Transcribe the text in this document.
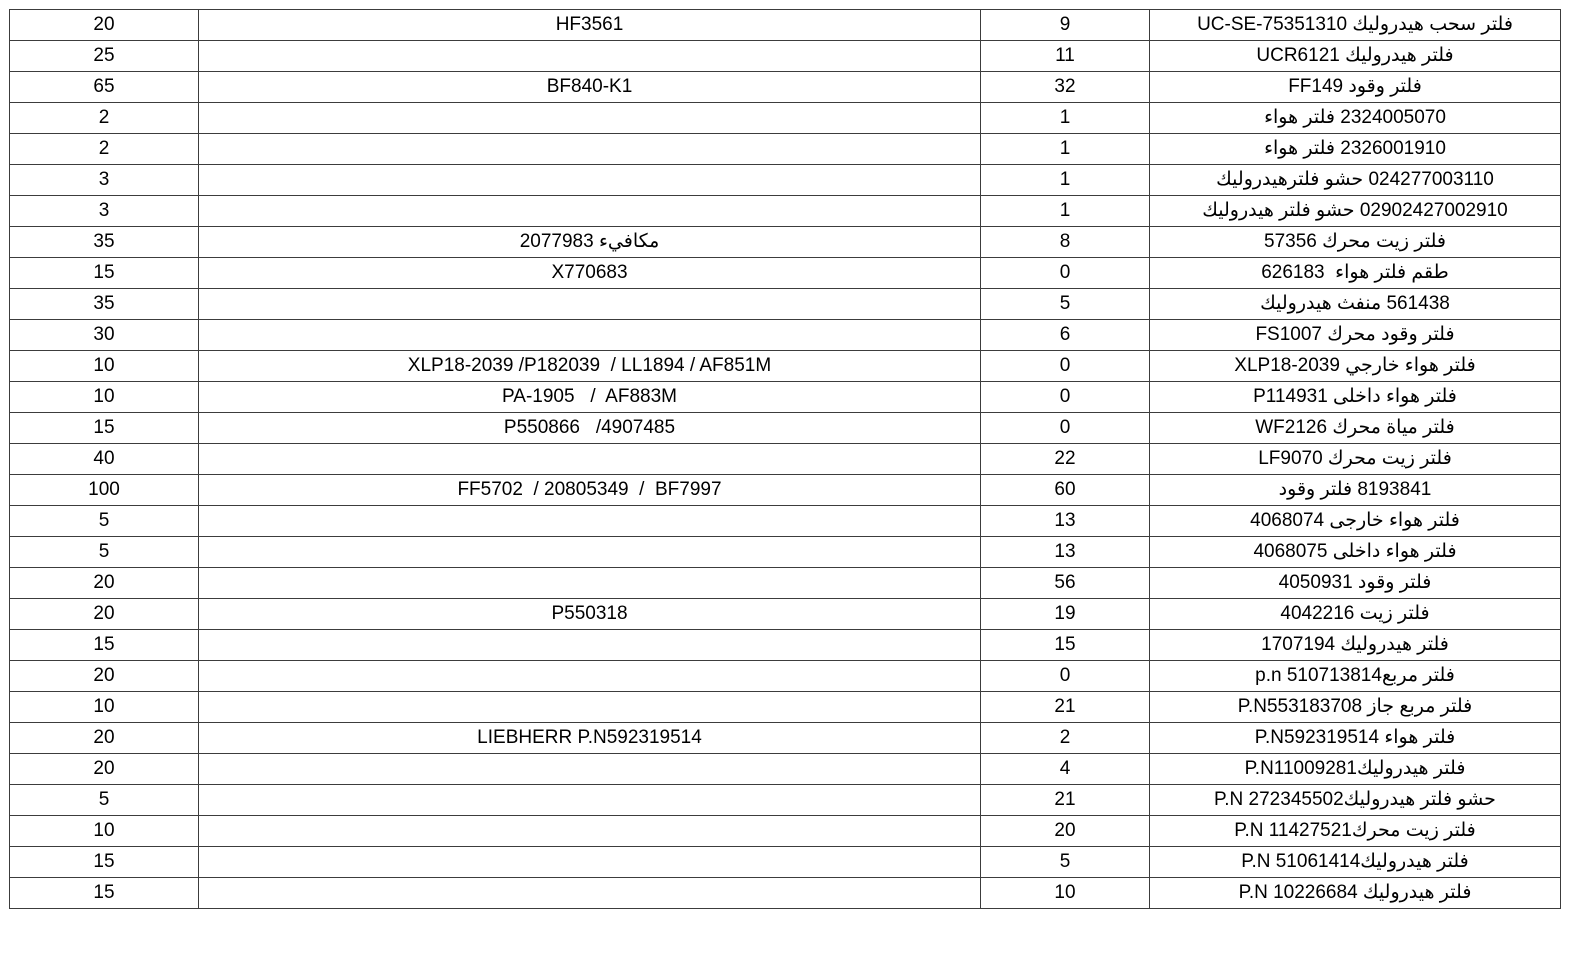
20	HF3561	9	فلتر سحب هيدروليك UC-SE-75351310
25		11	فلتر هيدروليك UCR6121
65	BF840-K1	32	فلتر وقود FF149
2		1	2324005070 فلتر هواء
2		1	2326001910 فلتر هواء
3		1	024277003110 حشو فلترهيدروليك
3		1	02902427002910 حشو فلتر هيدروليك
35	مكافيء 2077983	8	فلتر زيت محرك 57356
15	X770683	0	طقم فلتر هواء  626183
35		5	561438 منفث هيدروليك
30		6	فلتر وقود محرك FS1007
10	XLP18-2039 /P182039  / LL1894 / AF851M	0	فلتر هواء خارجي XLP18-2039
10	PA-1905   /  AF883M	0	فلتر هواء داخلى P114931
15	P550866   /4907485	0	فلتر مياة محرك WF2126
40		22	فلتر زيت محرك LF9070
100	FF5702  / 20805349  /  BF7997	60	8193841 فلتر وقود
5		13	فلتر هواء خارجى 4068074
5		13	فلتر هواء داخلى 4068075
20		56	فلتر وقود 4050931
20	P550318	19	فلتر زيت 4042216
15		15	فلتر هيدروليك 1707194
20		0	فلتر مربع510713814 p.n
10		21	فلتر مربع جاز P.N553183708
20	LIEBHERR P.N592319514	2	فلتر هواء P.N592319514
20		4	فلتر هيدروليكP.N11009281
5		21	حشو فلتر هيدروليكP.N 272345502
10		20	فلتر زيت محركP.N 11427521
15		5	فلتر هيدروليكP.N 51061414
15		10	فلتر هيدروليك P.N 10226684
